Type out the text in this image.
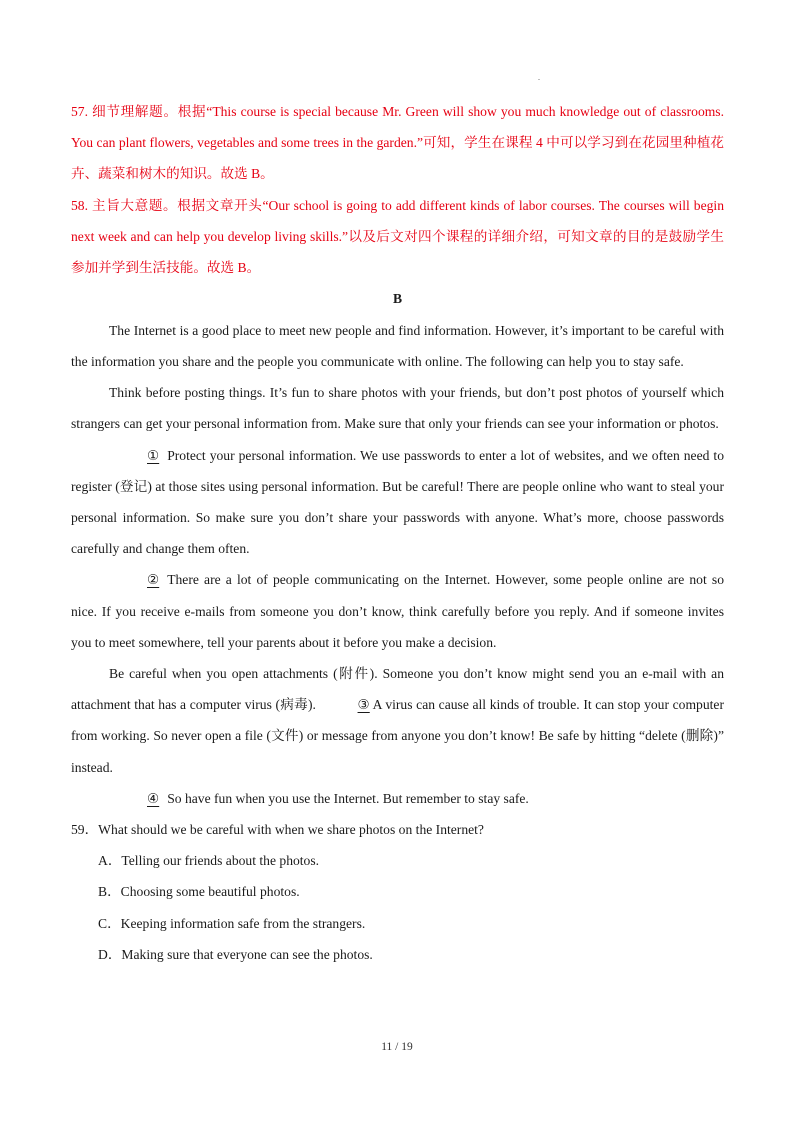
.

57. 细节理解题。根据“This course is special because Mr. Green will show you much knowledge out of classrooms. You can plant flowers, vegetables and some trees in the garden.”可知，学生在课程 4 中可以学习到在花园里种植花卉、蔬菜和树木的知识。故选 B。

58. 主旨大意题。根据文章开头“Our school is going to add different kinds of labor courses. The courses will begin next week and can help you develop living skills.”以及后文对四个课程的详细介绍，可知文章的目的是鼓励学生参加并学到生活技能。故选 B。

B

The Internet is a good place to meet new people and find information. However, it’s important to be careful with the information you share and the people you communicate with online. The following can help you to stay safe.

Think before posting things. It’s fun to share photos with your friends, but don’t post photos of yourself which strangers can get your personal information from. Make sure that only your friends can see your information or photos.

① Protect your personal information. We use passwords to enter a lot of websites, and we often need to register (登记) at those sites using personal information. But be careful! There are people online who want to steal your personal information. So make sure you don’t share your passwords with anyone. What’s more, choose passwords carefully and change them often.

② There are a lot of people communicating on the Internet. However, some people online are not so nice. If you receive e-mails from someone you don’t know, think carefully before you reply. And if someone invites you to meet somewhere, tell your parents about it before you make a decision.

Be careful when you open attachments (附件). Someone you don’t know might send you an e-mail with an attachment that has a computer virus (病毒).	③ A virus can cause all kinds of trouble. It can stop your computer from working. So never open a file (文件) or message from anyone you don’t know! Be safe by hitting “delete (删除)” instead.

④ So have fun when you use the Internet. But remember to stay safe.

59．What should we be careful with when we share photos on the Internet?

A．Telling our friends about the photos.

B．Choosing some beautiful photos.

C．Keeping information safe from the strangers.

D．Making sure that everyone can see the photos.

11 / 19
